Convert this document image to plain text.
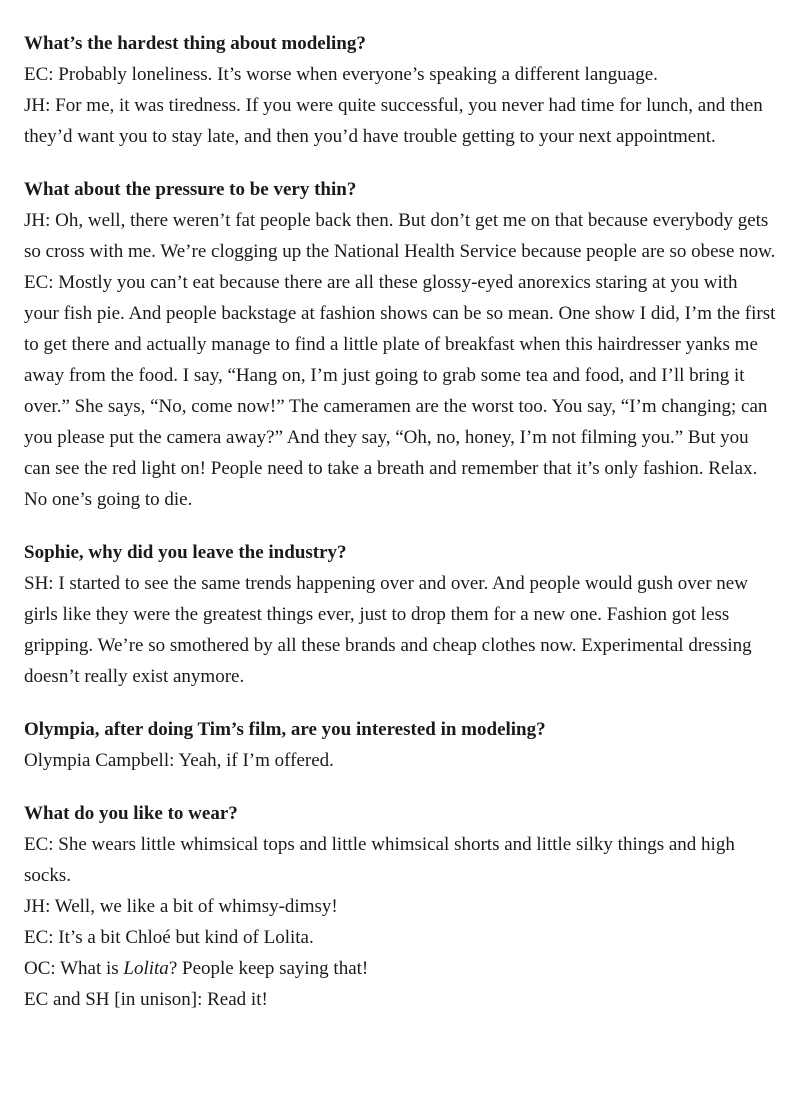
What’s the hardest thing about modeling?

EC: Probably loneliness. It’s worse when everyone’s speaking a different language.

JH: For me, it was tiredness. If you were quite successful, you never had time for lunch, and then they’d want you to stay late, and then you’d have trouble getting to your next appointment.

What about the pressure to be very thin?

JH: Oh, well, there weren’t fat people back then. But don’t get me on that because everybody gets so cross with me. We’re clogging up the National Health Service because people are so obese now.

EC: Mostly you can’t eat because there are all these glossy-eyed anorexics staring at you with your fish pie. And people backstage at fashion shows can be so mean. One show I did, I’m the first to get there and actually manage to find a little plate of breakfast when this hairdresser yanks me away from the food. I say, “Hang on, I’m just going to grab some tea and food, and I’ll bring it over.” She says, “No, come now!” The cameramen are the worst too. You say, “I’m changing; can you please put the camera away?” And they say, “Oh, no, honey, I’m not filming you.” But you can see the red light on! People need to take a breath and remember that it’s only fashion. Relax. No one’s going to die.

Sophie, why did you leave the industry?

SH: I started to see the same trends happening over and over. And people would gush over new girls like they were the greatest things ever, just to drop them for a new one. Fashion got less gripping. We’re so smothered by all these brands and cheap clothes now. Experimental dressing doesn’t really exist anymore.

Olympia, after doing Tim’s film, are you interested in modeling?

Olympia Campbell: Yeah, if I’m offered.

What do you like to wear?

EC: She wears little whimsical tops and little whimsical shorts and little silky things and high socks.

JH: Well, we like a bit of whimsy-dimsy!

EC: It’s a bit Chloé but kind of Lolita.

OC: What is Lolita? People keep saying that!

EC and SH [in unison]: Read it!
